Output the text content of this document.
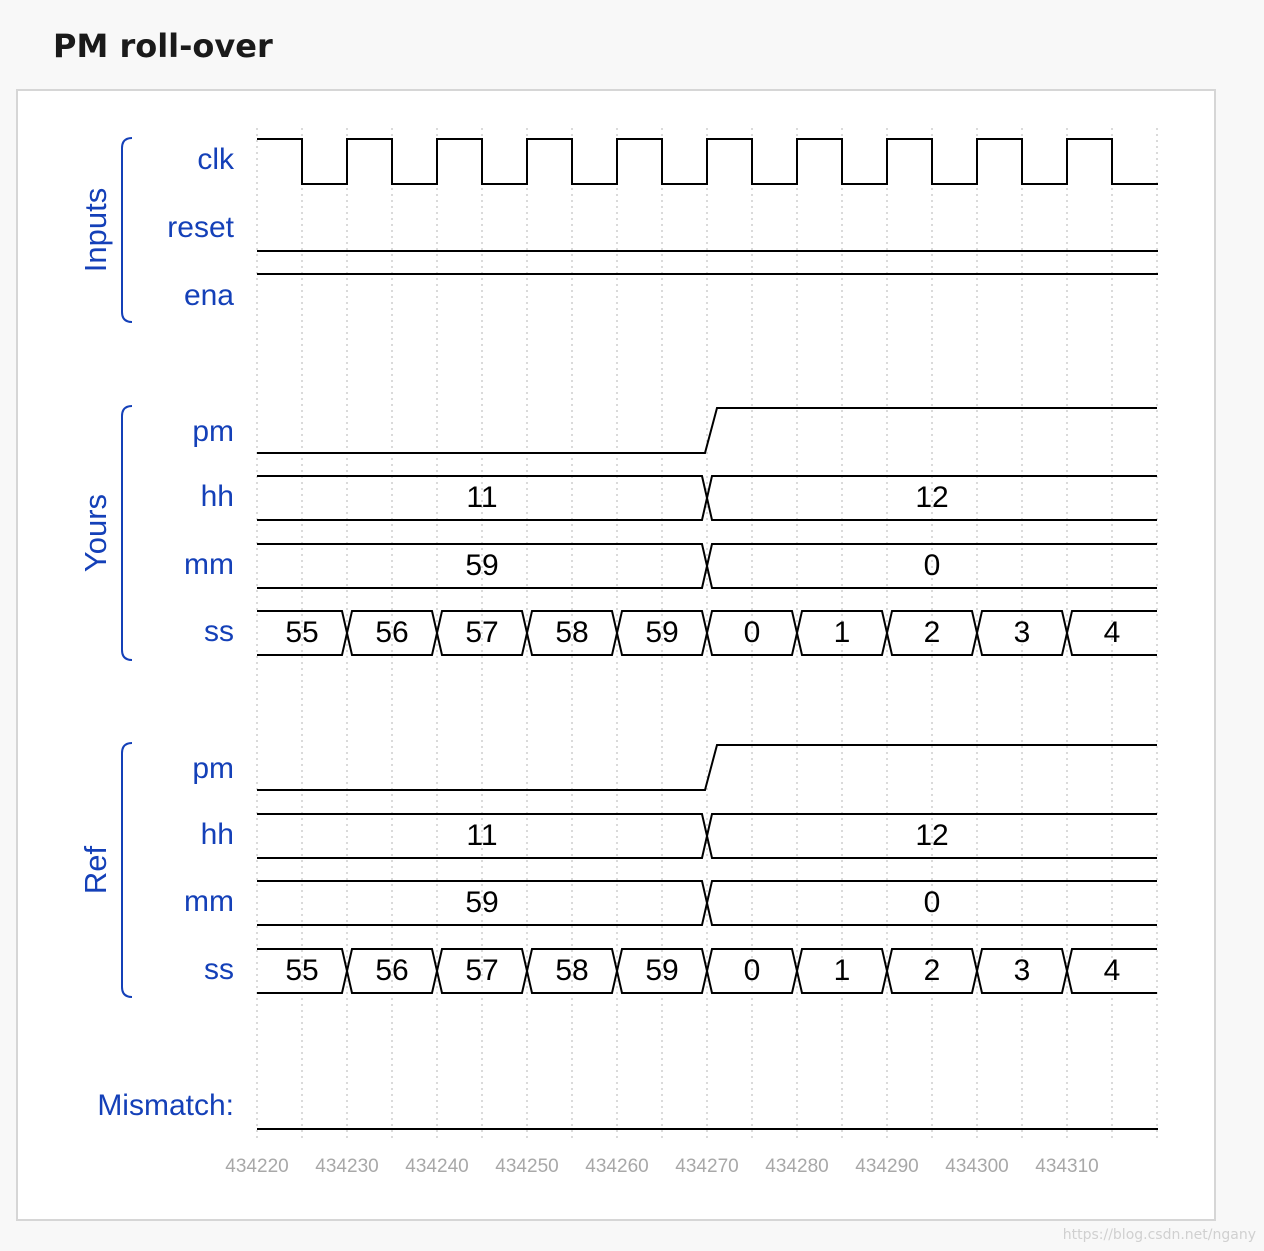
PM roll-over
434220 434230 434240 434250 434260 434270 434280 434290 434300 434310
Inputs
clk
reset
ena
Yours
pm
hh	11	12
mm	59	0
ss 55 56 57 58 59 0 1 2 3 4
Ref
pm
hh	11	12
mm	59	0
ss 55 56 57 58 59 0 1 2 3 4
Mismatch:
https://blog.csdn.net/ngany
